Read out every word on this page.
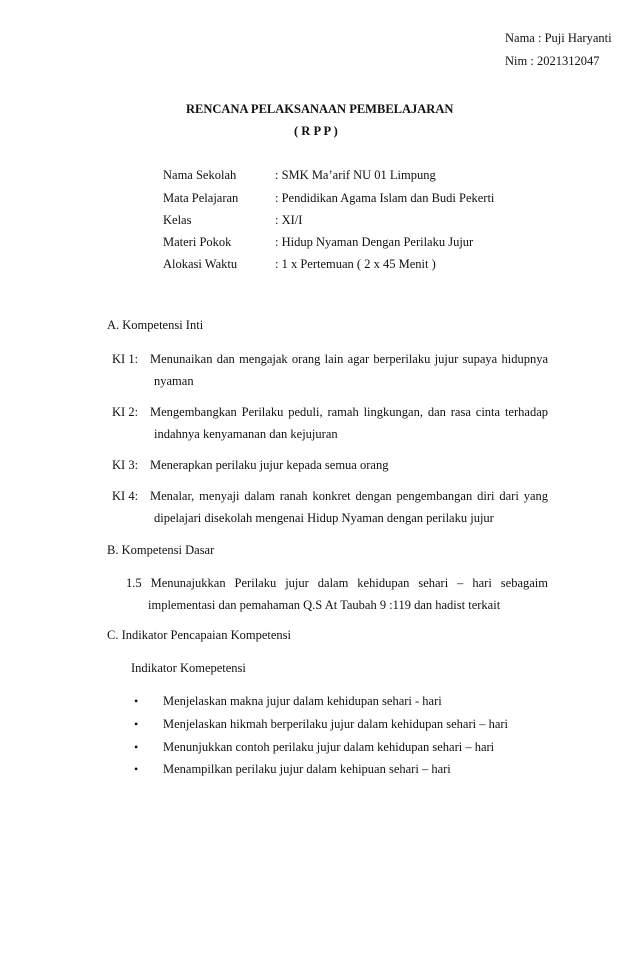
Nama : Puji Haryanti
Nim : 2021312047
RENCANA PELAKSANAAN PEMBELAJARAN
( R P P )
Nama Sekolah	: SMK Ma’arif NU 01 Limpung
Mata Pelajaran	: Pendidikan Agama Islam dan Budi Pekerti
Kelas	: XI/I
Materi Pokok	: Hidup Nyaman Dengan Perilaku Jujur
Alokasi Waktu	: 1 x Pertemuan ( 2 x 45 Menit )
A. Kompetensi Inti
KI 1: Menunaikan dan mengajak orang lain agar berperilaku jujur supaya hidupnya
nyaman
KI 2: Mengembangkan Perilaku peduli, ramah lingkungan, dan rasa cinta terhadap
indahnya kenyamanan dan kejujuran
KI 3: Menerapkan perilaku jujur kepada semua orang
KI 4: Menalar, menyaji dalam ranah konkret dengan pengembangan diri dari yang
dipelajari disekolah mengenai Hidup Nyaman dengan perilaku jujur
B. Kompetensi Dasar
1.5 Menunajukkan Perilaku jujur dalam kehidupan sehari – hari sebagaim
implementasi dan pemahaman Q.S At Taubah 9 :119 dan hadist terkait
C. Indikator Pencapaian Kompetensi
Indikator Komepetensi
• Menjelaskan makna jujur dalam kehidupan sehari - hari
• Menjelaskan hikmah berperilaku jujur dalam kehidupan sehari – hari
• Menunjukkan contoh perilaku jujur dalam kehidupan sehari – hari
• Menampilkan perilaku jujur dalam kehipuan sehari – hari
